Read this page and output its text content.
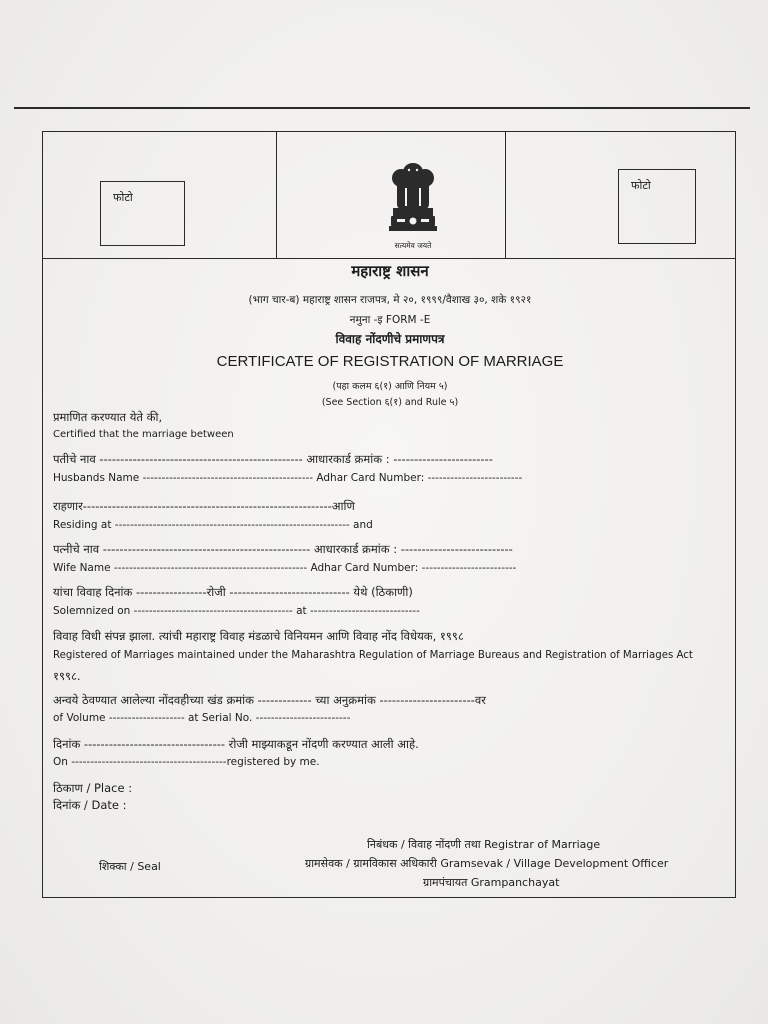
फोटो
फोटो
सत्यमेव जयते
महाराष्ट्र शासन
(भाग चार-ब) महाराष्ट्र शासन राजपत्र, मे २०, १९९९/वैशाख ३०, शके १९२१
नमुना -इ FORM -E
विवाह नोंदणीचे प्रमाणपत्र
CERTIFICATE OF REGISTRATION OF MARRIAGE
(पहा कलम ६(१) आणि नियम ५)
(See Section ६(१) and Rule ५)
प्रमाणित करण्यात येते की,
Certified that the marriage between
पतीचे नाव ------------------------------------------------- आधारकार्ड क्रमांक : ------------------------
Husbands Name --------------------------------------------- Adhar Card Number: -------------------------
राहणार------------------------------------------------------------आणि
Residing at -------------------------------------------------------------- and
पत्नीचे नाव -------------------------------------------------- आधारकार्ड क्रमांक : ---------------------------
Wife Name --------------------------------------------------- Adhar Card Number: -------------------------
यांचा विवाह दिनांक -----------------रोजी ----------------------------- येथे (ठिकाणी)
Solemnized on ------------------------------------------ at -----------------------------
विवाह विधी संपन्न झाला. त्यांची महाराष्ट्र विवाह मंडळाचे विनियमन आणि विवाह नोंद विधेयक, १९९८
Registered of Marriages maintained under the Maharashtra Regulation of Marriage Bureaus and Registration of Marriages Act
१९९८.
अन्वये ठेवण्यात आलेल्या नोंदवहीच्या खंड क्रमांक ------------- च्या अनुक्रमांक -----------------------वर
of Volume -------------------- at Serial No. -------------------------
दिनांक ---------------------------------- रोजी माझ्याकडून नोंदणी करण्यात आली आहे.
On -----------------------------------------registered by me.
ठिकाण / Place :
दिनांक / Date :
निबंधक / विवाह नोंदणी तथा Registrar of Marriage
ग्रामसेवक / ग्रामविकास अधिकारी Gramsevak / Village Development Officer
ग्रामपंचायत Grampanchayat
शिक्का / Seal
